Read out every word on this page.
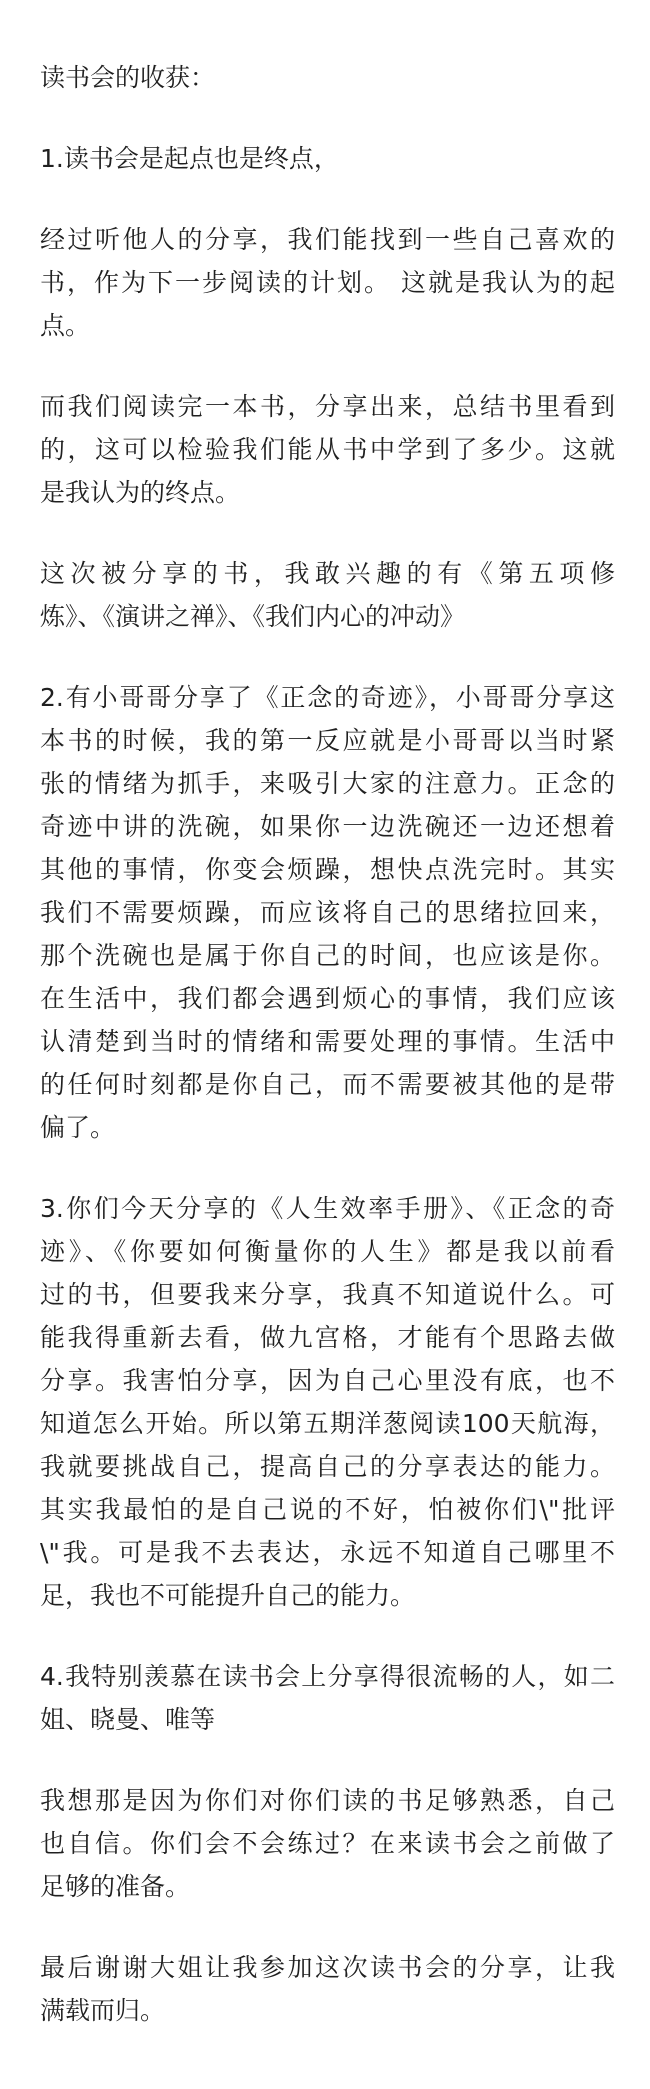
读书会的收获：
1.读书会是起点也是终点，
经过听他人的分享，我们能找到一些自己喜欢的
书，作为下一步阅读的计划。 这就是我认为的起
点。
而我们阅读完一本书，分享出来，总结书里看到
的，这可以检验我们能从书中学到了多少。这就
是我认为的终点。
这次被分享的书，我敢兴趣的有《第五项修
炼》、《演讲之禅》、《我们内心的冲动》
2.有小哥哥分享了《正念的奇迹》，小哥哥分享这
本书的时候，我的第一反应就是小哥哥以当时紧
张的情绪为抓手，来吸引大家的注意力。正念的
奇迹中讲的洗碗，如果你一边洗碗还一边还想着
其他的事情，你变会烦躁，想快点洗完时。其实
我们不需要烦躁，而应该将自己的思绪拉回来，
那个洗碗也是属于你自己的时间，也应该是你。
在生活中，我们都会遇到烦心的事情，我们应该
认清楚到当时的情绪和需要处理的事情。生活中
的任何时刻都是你自己，而不需要被其他的是带
偏了。
3.你们今天分享的《人生效率手册》、《正念的奇
迹》、《你要如何衡量你的人生》都是我以前看
过的书，但要我来分享，我真不知道说什么。可
能我得重新去看，做九宫格，才能有个思路去做
分享。我害怕分享，因为自己心里没有底，也不
知道怎么开始。所以第五期洋葱阅读100天航海，
我就要挑战自己，提高自己的分享表达的能力。
其实我最怕的是自己说的不好，怕被你们\"批评
\"我。可是我不去表达，永远不知道自己哪里不
足，我也不可能提升自己的能力。
4.我特别羡慕在读书会上分享得很流畅的人，如二
姐、晓曼、唯等
我想那是因为你们对你们读的书足够熟悉，自己
也自信。你们会不会练过？在来读书会之前做了
足够的准备。
最后谢谢大姐让我参加这次读书会的分享，让我
满载而归。
